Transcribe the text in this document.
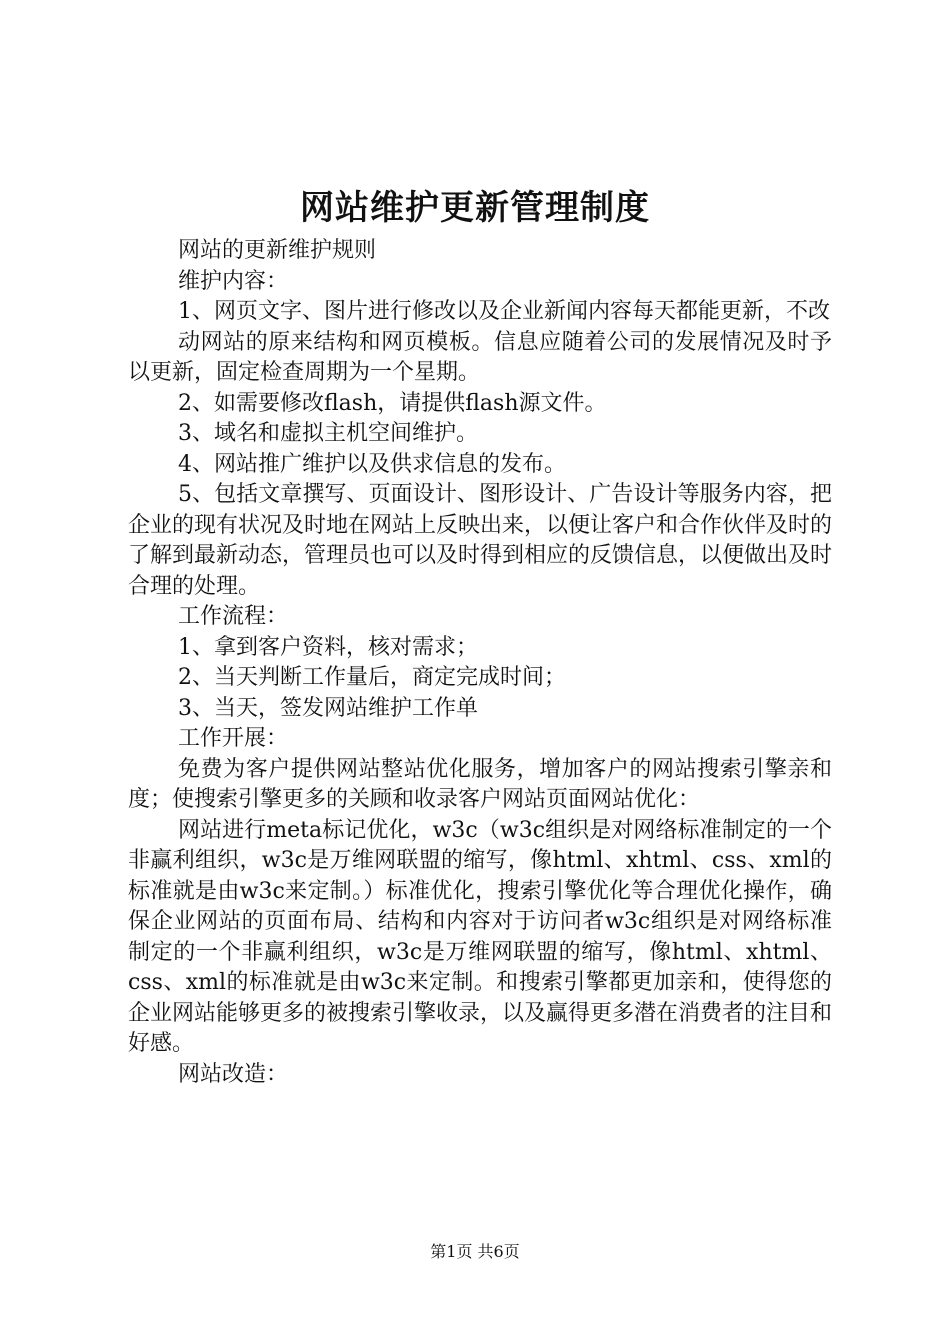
网站维护更新管理制度

网站的更新维护规则

维护内容：

1、网页文字、图片进行修改以及企业新闻内容每天都能更新，不改

动网站的原来结构和网页模板。信息应随着公司的发展情况及时予以更新，固定检查周期为一个星期。

2、如需要修改flash，请提供flash源文件。

3、域名和虚拟主机空间维护。

4、网站推广维护以及供求信息的发布。

5、包括文章撰写、页面设计、图形设计、广告设计等服务内容，把企业的现有状况及时地在网站上反映出来，以便让客户和合作伙伴及时的了解到最新动态，管理员也可以及时得到相应的反馈信息，以便做出及时合理的处理。

工作流程：

1、拿到客户资料，核对需求；

2、当天判断工作量后，商定完成时间；

3、当天，签发网站维护工作单

工作开展：

免费为客户提供网站整站优化服务，增加客户的网站搜索引擎亲和度；使搜索引擎更多的关顾和收录客户网站页面网站优化：

网站进行meta标记优化，w3c（w3c组织是对网络标准制定的一个非赢利组织，w3c是万维网联盟的缩写，像html、xhtml、css、xml的标准就是由w3c来定制。）标准优化，搜索引擎优化等合理优化操作，确保企业网站的页面布局、结构和内容对于访问者w3c组织是对网络标准制定的一个非赢利组织，w3c是万维网联盟的缩写，像html、xhtml、css、xml的标准就是由w3c来定制。和搜索引擎都更加亲和，使得您的企业网站能够更多的被搜索引擎收录，以及赢得更多潜在消费者的注目和好感。

网站改造：

第1页 共6页
